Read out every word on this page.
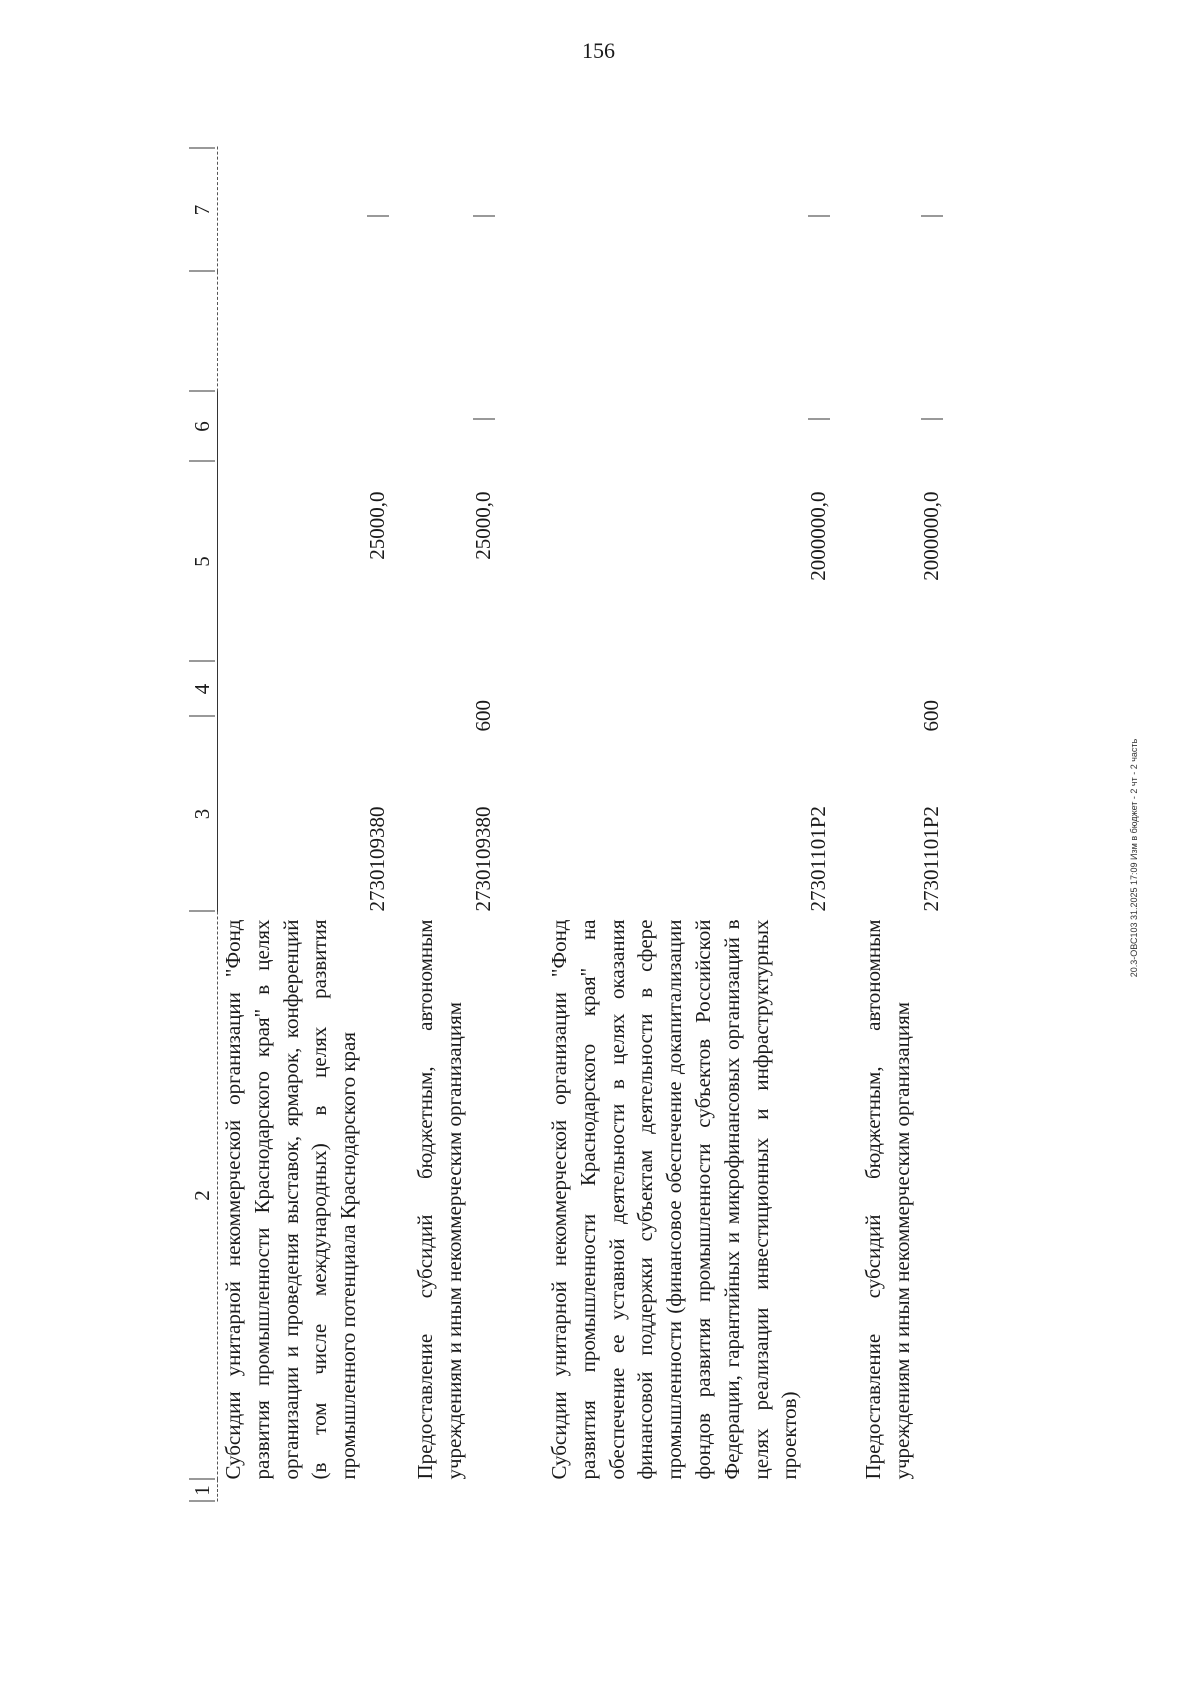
156
20.3-ОВС103 31.2025 17:09 Изм в бюджет - 2 чт - 2 часть
1
2
3
4
5
6
7
Субсидии унитарной некоммерческой организации "Фонд развития промышленности Краснодарского края" в целях организации и проведения выставок, ярмарок, конференций (в том числе международных) в целях развития промышленного потенциала Краснодарского края
2730109380
25000,0
Предоставление субсидий бюджетным, автономным учреждениям и иным некоммерческим организациям
2730109380
600
25000,0
Субсидии унитарной некоммерческой организации "Фонд развития промышленности Краснодарского края" на обеспечение ее уставной деятельности в целях оказания финансовой поддержки субъектам деятельности в сфере промышленности (финансовое обеспечение докапитализации фондов развития промышленности субъектов Российской Федерации, гарантийных и микрофинансовых организаций в целях реализации инвестиционных и инфраструктурных проектов)
27301101Р2
2000000,0
Предоставление субсидий бюджетным, автономным учреждениям и иным некоммерческим организациям
27301101Р2
600
2000000,0
